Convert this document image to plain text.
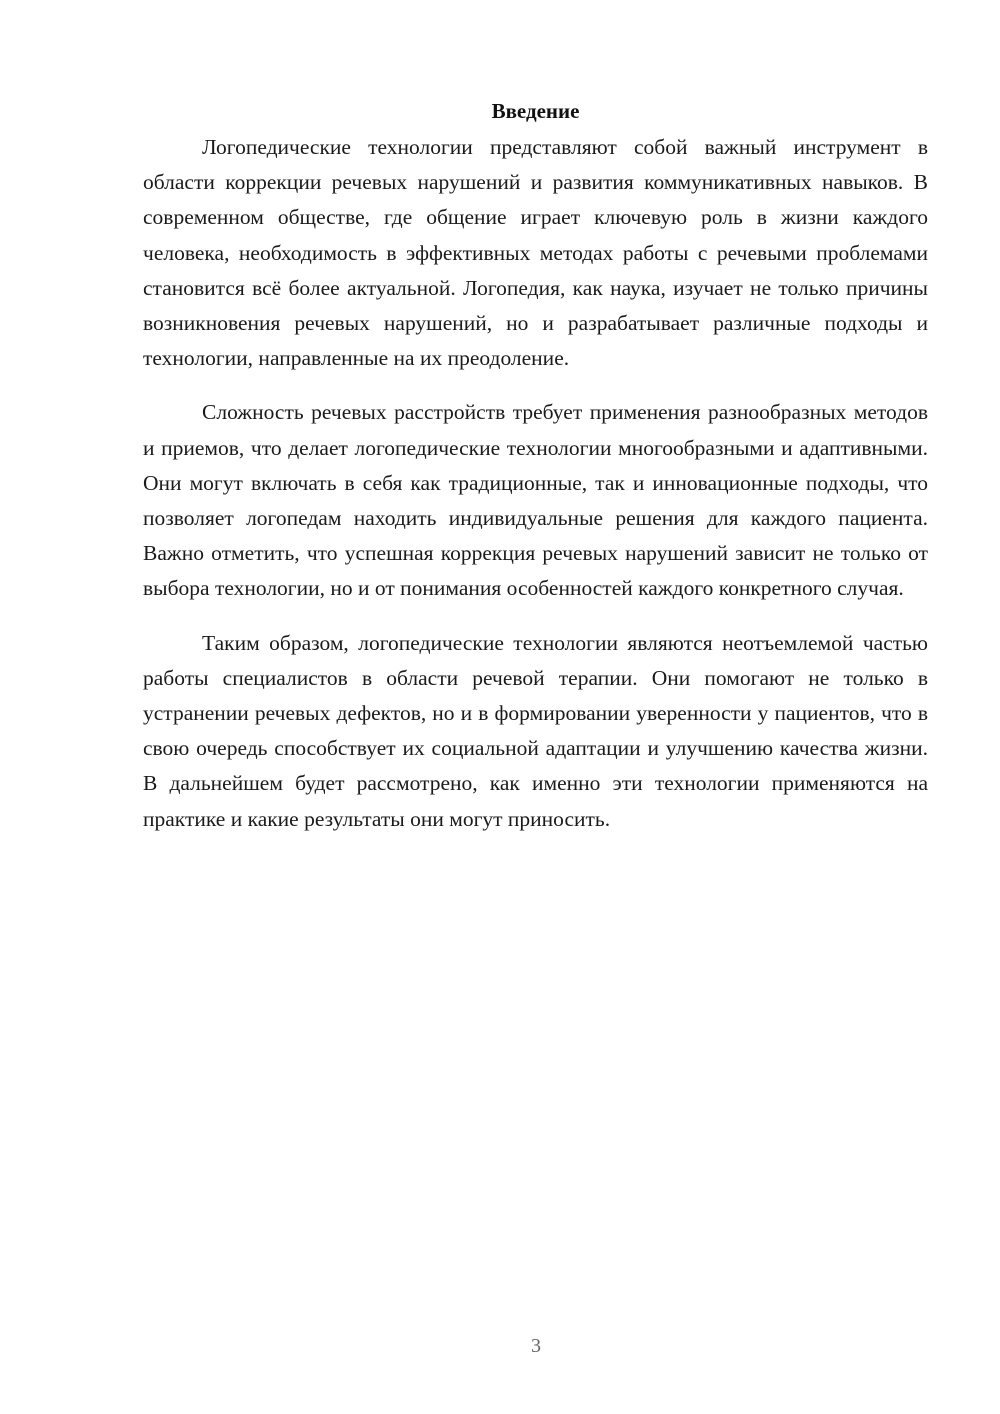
Введение

Логопедические технологии представляют собой важный инструмент в области коррекции речевых нарушений и развития коммуникативных навыков. В современном обществе, где общение играет ключевую роль в жизни каждого человека, необходимость в эффективных методах работы с речевыми проблемами становится всё более актуальной. Логопедия, как наука, изучает не только причины возникновения речевых нарушений, но и разрабатывает различные подходы и технологии, направленные на их преодоление.

Сложность речевых расстройств требует применения разнообразных методов и приемов, что делает логопедические технологии многообразными и адаптивными. Они могут включать в себя как традиционные, так и инновационные подходы, что позволяет логопедам находить индивидуальные решения для каждого пациента. Важно отметить, что успешная коррекция речевых нарушений зависит не только от выбора технологии, но и от понимания особенностей каждого конкретного случая.

Таким образом, логопедические технологии являются неотъемлемой частью работы специалистов в области речевой терапии. Они помогают не только в устранении речевых дефектов, но и в формировании уверенности у пациентов, что в свою очередь способствует их социальной адаптации и улучшению качества жизни. В дальнейшем будет рассмотрено, как именно эти технологии применяются на практике и какие результаты они могут приносить.

3
